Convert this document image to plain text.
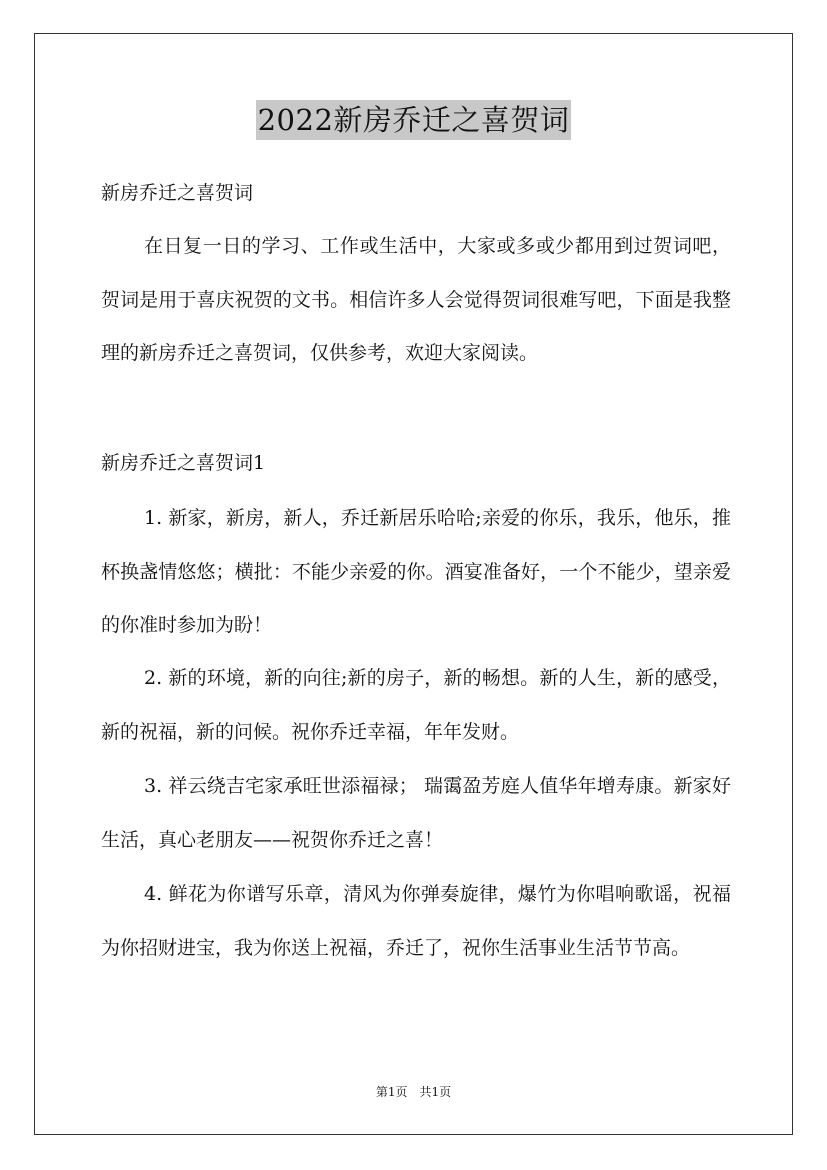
2022新房乔迁之喜贺词
新房乔迁之喜贺词
在日复一日的学习、工作或生活中，大家或多或少都用到过贺词吧，贺词是用于喜庆祝贺的文书。相信许多人会觉得贺词很难写吧，下面是我整理的新房乔迁之喜贺词，仅供参考，欢迎大家阅读。
新房乔迁之喜贺词1
1. 新家，新房，新人，乔迁新居乐哈哈;亲爱的你乐，我乐，他乐，推杯换盏情悠悠；横批：不能少亲爱的你。酒宴准备好，一个不能少，望亲爱的你准时参加为盼！
2. 新的环境，新的向往;新的房子，新的畅想。新的人生，新的感受，新的祝福，新的问候。祝你乔迁幸福，年年发财。
3. 祥云绕吉宅家承旺世添福禄； 瑞霭盈芳庭人值华年增寿康。新家好生活，真心老朋友——祝贺你乔迁之喜！
4. 鲜花为你谱写乐章，清风为你弹奏旋律，爆竹为你唱响歌谣，祝福为你招财进宝，我为你送上祝福，乔迁了，祝你生活事业生活节节高。
第1页 共1页
